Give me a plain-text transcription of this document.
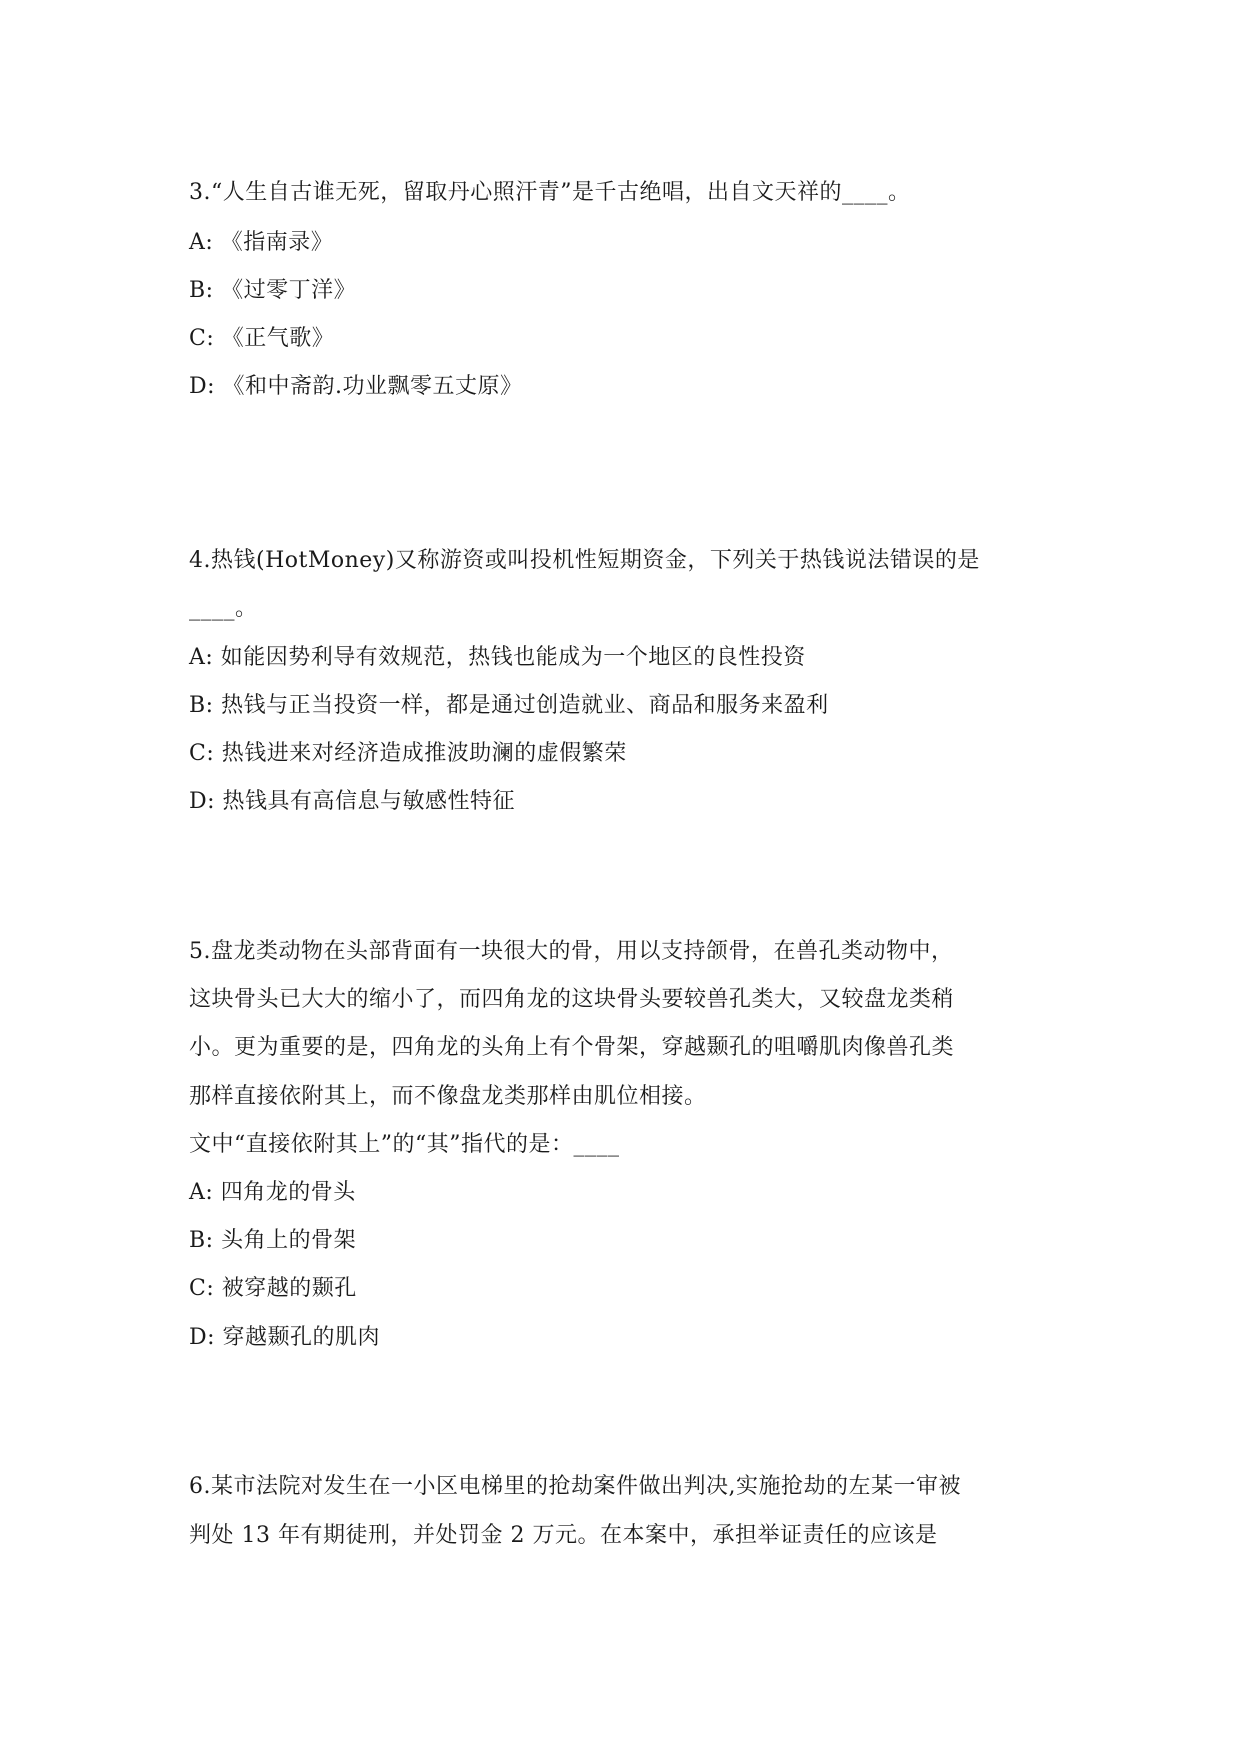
3.“人生自古谁无死，留取丹心照汗青”是千古绝唱，出自文天祥的____。
A: 《指南录》
B: 《过零丁洋》
C: 《正气歌》
D: 《和中斋韵.功业飘零五丈原》
4.热钱(HotMoney)又称游资或叫投机性短期资金，下列关于热钱说法错误的是
____。
A: 如能因势利导有效规范，热钱也能成为一个地区的良性投资
B: 热钱与正当投资一样，都是通过创造就业、商品和服务来盈利
C: 热钱进来对经济造成推波助澜的虚假繁荣
D: 热钱具有高信息与敏感性特征
5.盘龙类动物在头部背面有一块很大的骨，用以支持颌骨，在兽孔类动物中，
这块骨头已大大的缩小了，而四角龙的这块骨头要较兽孔类大，又较盘龙类稍
小。更为重要的是，四角龙的头角上有个骨架，穿越颞孔的咀嚼肌肉像兽孔类
那样直接依附其上，而不像盘龙类那样由肌位相接。
文中“直接依附其上”的“其”指代的是：____
A: 四角龙的骨头
B: 头角上的骨架
C: 被穿越的颞孔
D: 穿越颞孔的肌肉
6.某市法院对发生在一小区电梯里的抢劫案件做出判决,实施抢劫的左某一审被
判处 13 年有期徒刑，并处罚金 2 万元。在本案中，承担举证责任的应该是
